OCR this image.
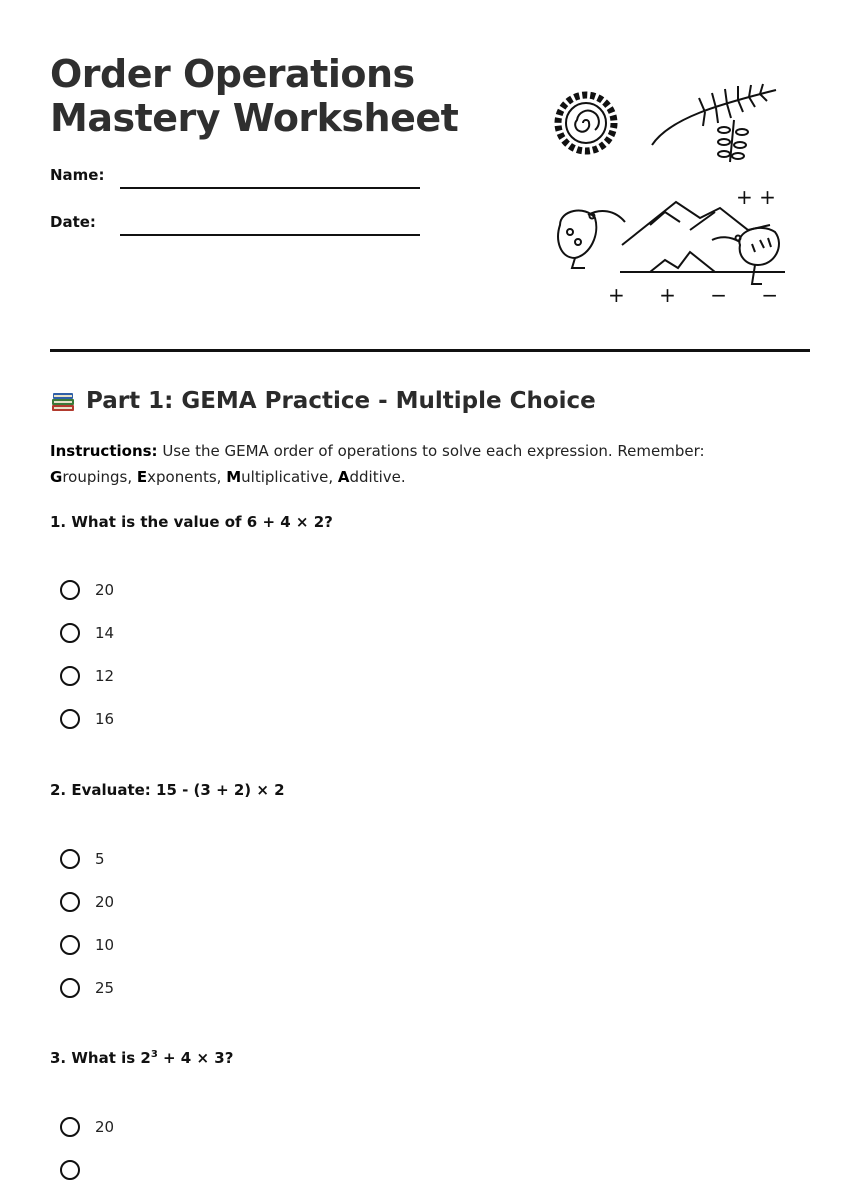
Order Operations
Mastery Worksheet
Name:
Date:
+ +
+ + − −
Part 1: GEMA Practice - Multiple Choice
Instructions: Use the GEMA order of operations to solve each expression. Remember: Groupings, Exponents, Multiplicative, Additive.
1. What is the value of 6 + 4 × 2?
20
14
12
16
2. Evaluate: 15 - (3 + 2) × 2
5
20
10
25
3. What is $2^3 + 4 \times 3$?
20
